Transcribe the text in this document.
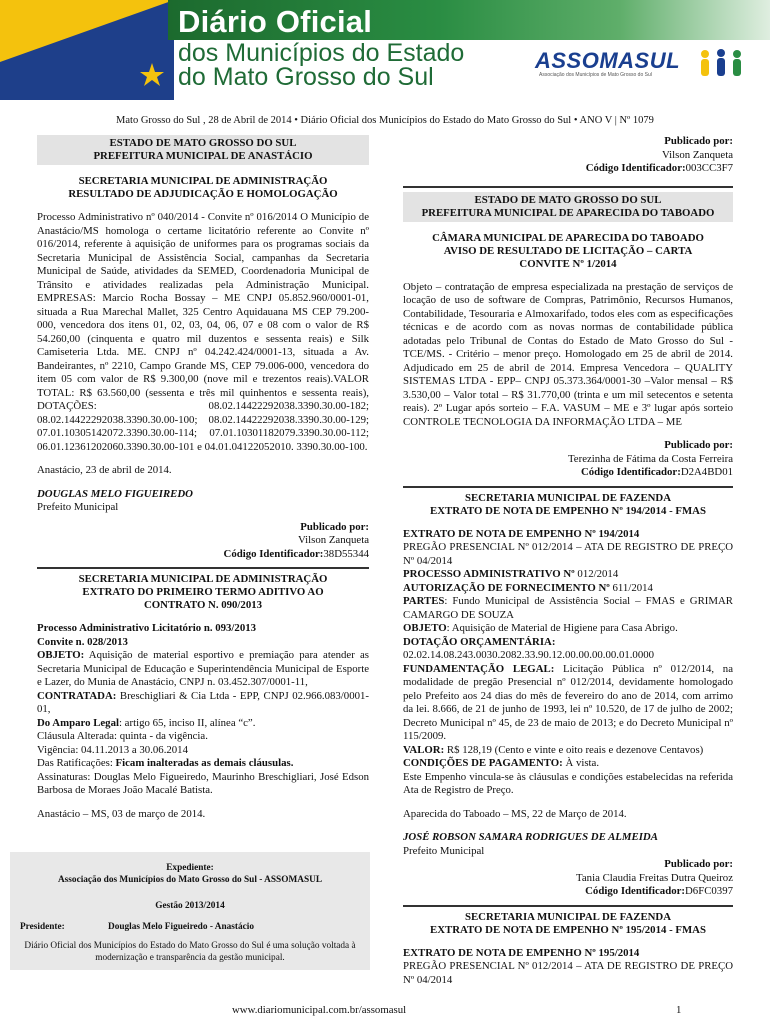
Diário Oficial
dos Municípios do Estado
do Mato Grosso do Sul
ASSOMASUL
Associação dos Municípios de Mato Grosso do Sul
Mato Grosso do Sul , 28 de Abril de 2014 • Diário Oficial dos Municípios do Estado do Mato Grosso do Sul • ANO V | Nº 1079
ESTADO DE MATO GROSSO DO SUL
PREFEITURA MUNICIPAL DE ANASTÁCIO
SECRETARIA MUNICIPAL DE ADMINISTRAÇÃO
RESULTADO DE ADJUDICAÇÃO E HOMOLOGAÇÃO

Processo Administrativo nº 040/2014 - Convite nº 016/2014 O Município de Anastácio/MS homologa o certame licitatório referente ao Convite nº 016/2014, referente à aquisição de uniformes para os programas sociais da Secretaria Municipal de Assistência Social, campanhas da Secretaria Municipal de Saúde, atividades da SEMED, Coordenadoria Municipal de Trânsito e atividades realizadas pela Administração Municipal. EMPRESAS: Marcio Rocha Bossay – ME CNPJ 05.852.960/0001-01, situada a Rua Marechal Mallet, 325 Centro Aquidauana MS CEP 79.200-000, vencedora dos itens 01, 02, 03, 04, 06, 07 e 08 com o valor de R$ 54.260,00 (cinquenta e quatro mil duzentos e sessenta reais) e Silk Camiseteria Ltda. ME. CNPJ nº 04.242.424/0001-13, situada a Av. Bandeirantes, nº 2210, Campo Grande MS, CEP 79.006-000, vencedora do item 05 com valor de R$ 9.300,00 (nove mil e trezentos reais).VALOR TOTAL: R$ 63.560,00 (sessenta e três mil quinhentos e sessenta reais), DOTAÇÕES: 08.02.14422292038.3390.30.00-182; 08.02.14422292038.3390.30.00-100; 08.02.14422292038.3390.30.00-129; 07.01.10305142072.3390.30.00-114; 07.01.10301182079.3390.30.00-112; 06.01.12361202060.3390.30.00-101 e 04.01.04122052010. 3390.30.00-100.

Anastácio, 23 de abril de 2014.

DOUGLAS MELO FIGUEIREDO
Prefeito Municipal
Publicado por:
Vilson Zanqueta
Código Identificador:38D55344
SECRETARIA MUNICIPAL DE ADMINISTRAÇÃO
EXTRATO DO PRIMEIRO TERMO ADITIVO AO
CONTRATO N. 090/2013
Processo Administrativo Licitatório n. 093/2013
Convite n. 028/2013

OBJETO: Aquisição de material esportivo e premiação para atender as Secretaria Municipal de Educação e Superintendência Municipal de Esporte e Lazer, do Munia de Anastácio, CNPJ n. 03.452.307/0001-11,

CONTRATADA: Breschigliari & Cia Ltda - EPP, CNPJ 02.966.083/0001-01,

Do Amparo Legal: artigo 65, inciso II, alínea “c”.

Cláusula Alterada: quinta - da vigência.

Vigência: 04.11.2013 a 30.06.2014

Das Ratificações: Ficam inalteradas as demais cláusulas.

Assinaturas: Douglas Melo Figueiredo, Maurinho Breschigliari, José Edson Barbosa de Moraes João Macalé Batista.

Anastácio – MS, 03 de março de 2014.

Expediente:
Associação dos Municípios do Mato Grosso do Sul - ASSOMASUL
Gestão 2013/2014
Presidente:	Douglas Melo Figueiredo - Anastácio
Diário Oficial dos Municípios do Estado do Mato Grosso do Sul é uma solução voltada à modernização e transparência da gestão municipal.
Publicado por:
Vilson Zanqueta
Código Identificador:003CC3F7
ESTADO DE MATO GROSSO DO SUL
PREFEITURA MUNICIPAL DE APARECIDA DO TABOADO
CÂMARA MUNICIPAL DE APARECIDA DO TABOADO
AVISO DE RESULTADO DE LICITAÇÃO – CARTA
CONVITE Nº 1/2014

Objeto – contratação de empresa especializada na prestação de serviços de locação de uso de software de Compras, Patrimônio, Recursos Humanos, Contabilidade, Tesouraria e Almoxarifado, todos eles com as especificações técnicas e de acordo com as novas normas de contabilidade pública adotadas pelo Tribunal de Contas do Estado de Mato Grosso do Sul -TCE/MS. - Critério – menor preço. Homologado em 25 de abril de 2014. Adjudicado em 25 de abril de 2014. Empresa Vencedora – QUALITY SISTEMAS LTDA - EPP– CNPJ 05.373.364/0001-30 –Valor mensal – R$ 3.530,00 – Valor total – R$ 31.770,00 (trinta e um mil setecentos e setenta reais). 2º Lugar após sorteio – F.A. VASUM – ME e 3º lugar após sorteio CONTROLE TECNOLOGIA DA INFORMAÇÃO LTDA – ME

Publicado por:
Terezinha de Fátima da Costa Ferreira
Código Identificador:D2A4BD01
SECRETARIA MUNICIPAL DE FAZENDA
EXTRATO DE NOTA DE EMPENHO Nº 194/2014 - FMAS
EXTRATO DE NOTA DE EMPENHO Nº 194/2014

PREGÃO PRESENCIAL Nº 012/2014 – ATA DE REGISTRO DE PREÇO Nº 04/2014

PROCESSO ADMINISTRATIVO Nº 012/2014

AUTORIZAÇÃO DE FORNECIMENTO Nº 611/2014

PARTES: Fundo Municipal de Assistência Social – FMAS e GRIMAR CAMARGO DE SOUZA

OBJETO: Aquisição de Material de Higiene para Casa Abrigo.

DOTAÇÃO ORÇAMENTÁRIA:

02.02.14.08.243.0030.2082.33.90.12.00.00.00.00.01.0000

FUNDAMENTAÇÃO LEGAL: Licitação Pública nº 012/2014, na modalidade de pregão Presencial nº 012/2014, devidamente homologado pelo Prefeito aos 24 dias do mês de fevereiro do ano de 2014, com arrimo da lei. 8.666, de 21 de junho de 1993, lei nº 10.520, de 17 de julho de 2002; Decreto Municipal nº 45, de 23 de maio de 2013; e do Decreto Municipal nº 115/2009.

VALOR: R$ 128,19 (Cento e vinte e oito reais e dezenove Centavos)

CONDIÇÕES DE PAGAMENTO: À vista.

Este Empenho vincula-se às cláusulas e condições estabelecidas na referida Ata de Registro de Preço.

Aparecida do Taboado – MS, 22 de Março de 2014.

JOSÉ ROBSON SAMARA RODRIGUES DE ALMEIDA
Prefeito Municipal
Publicado por:
Tania Claudia Freitas Dutra Queiroz
Código Identificador:D6FC0397
SECRETARIA MUNICIPAL DE FAZENDA
EXTRATO DE NOTA DE EMPENHO Nº 195/2014 - FMAS
EXTRATO DE NOTA DE EMPENHO Nº 195/2014

PREGÃO PRESENCIAL Nº 012/2014 – ATA DE REGISTRO DE PREÇO Nº 04/2014

www.diariomunicipal.com.br/assomasul	1
